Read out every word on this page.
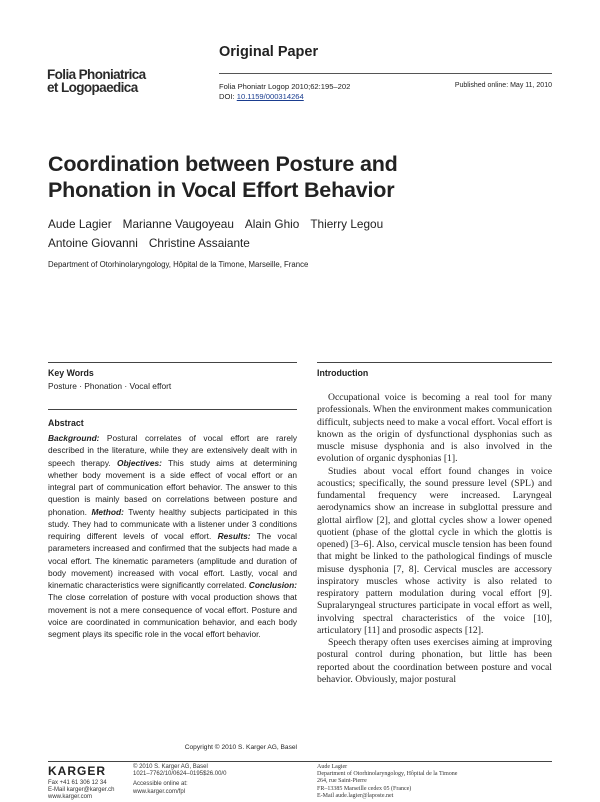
Folia Phoniatrica
et Logopaedica
Original Paper
Folia Phoniatr Logop 2010;62:195–202
DOI: 10.1159/000314264
Published online: May 11, 2010
Coordination between Posture and
Phonation in Vocal Effort Behavior
Aude Lagier Marianne Vaugoyeau Alain Ghio Thierry Legou
Antoine Giovanni Christine Assaiante
Department of Otorhinolaryngology, Hôpital de la Timone, Marseille, France
Key Words
Posture · Phonation · Vocal effort
Introduction
Abstract
Background: Postural correlates of vocal effort are rarely described in the literature, while they are extensively dealt with in speech therapy. Objectives: This study aims at determining whether body movement is a side effect of vocal effort or an integral part of communication effort behavior. The answer to this question is mainly based on correlations between posture and phonation. Method: Twenty healthy subjects participated in this study. They had to communicate with a listener under 3 conditions requiring different levels of vocal effort. Results: The vocal parameters increased and confirmed that the subjects had made a vocal effort. The kinematic parameters (amplitude and duration of body movement) increased with vocal effort. Lastly, vocal and kinematic characteristics were significantly correlated. Conclusion: The close correlation of posture with vocal production shows that movement is not a mere consequence of vocal effort. Posture and voice are coordinated in communication behavior, and each body segment plays its specific role in the vocal effort behavior.
Copyright © 2010 S. Karger AG, Basel

Occupational voice is becoming a real tool for many professionals. When the environment makes communication difficult, subjects need to make a vocal effort. Vocal effort is known as the origin of dysfunctional dysphonias such as muscle misuse dysphonia and is also involved in the evolution of organic dysphonias [1].

Studies about vocal effort found changes in voice acoustics; specifically, the sound pressure level (SPL) and fundamental frequency were increased. Laryngeal aerodynamics show an increase in subglottal pressure and glottal airflow [2], and glottal cycles show a lower opened quotient (phase of the glottal cycle in which the glottis is opened) [3–6]. Also, cervical muscle tension has been found that might be linked to the pathological findings of muscle misuse dysphonia [7, 8]. Cervical muscles are accessory inspiratory muscles whose activity is also related to respiratory pattern modulation during vocal effort [9]. Supralaryngeal structures participate in vocal effort as well, involving spectral characteristics of the voice [10], articulatory [11] and prosodic aspects [12].

Speech therapy often uses exercises aiming at improving postural control during phonation, but little has been reported about the coordination between posture and vocal behavior. Obviously, major postural

KARGER
Fax +41 61 306 12 34
E-Mail karger@karger.ch
www.karger.com
© 2010 S. Karger AG, Basel
1021–7762/10/0624–0195$26.00/0
Accessible online at:
www.karger.com/fpl
Aude Lagier
Department of Otorhinolaryngology, Hôpital de la Timone
264, rue Saint-Pierre
FR–13385 Marseille cedex 05 (France)
E-Mail aude.lagier@laposte.net
